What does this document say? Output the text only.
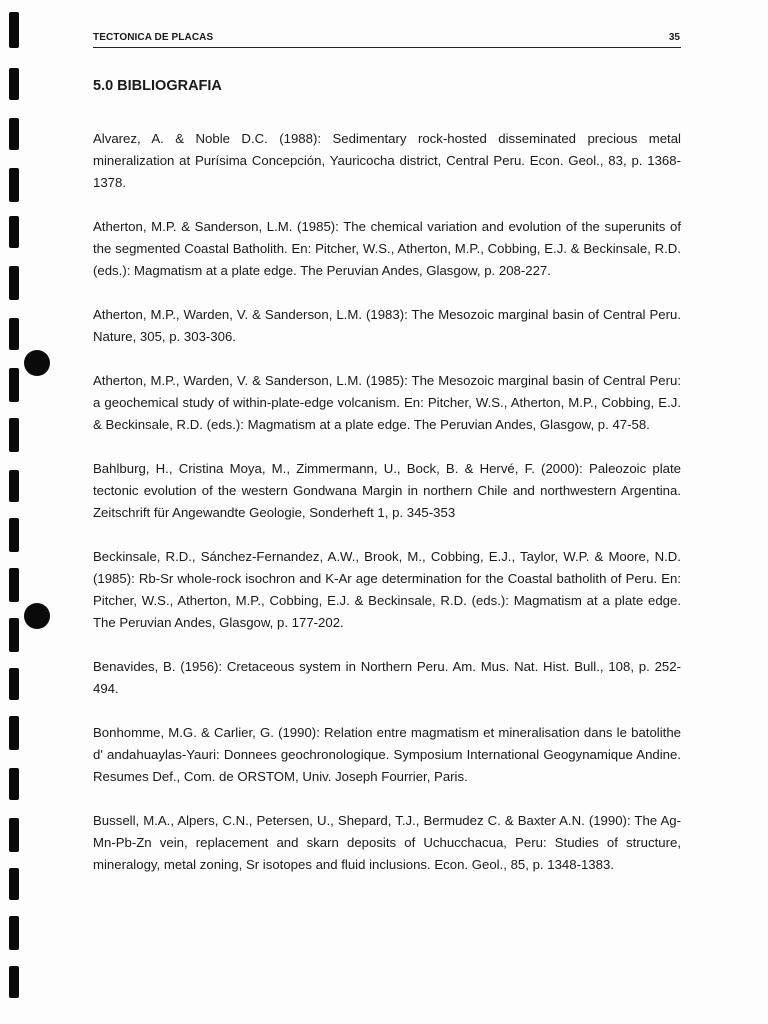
TECTONICA DE PLACAS	35
5.0 BIBLIOGRAFIA

Alvarez, A. & Noble D.C. (1988): Sedimentary rock-hosted disseminated precious metal mineralization at Purísima Concepción, Yauricocha district, Central Peru. Econ. Geol., 83, p. 1368-1378.

Atherton, M.P. & Sanderson, L.M. (1985): The chemical variation and evolution of the superunits of the segmented Coastal Batholith. En: Pitcher, W.S., Atherton, M.P., Cobbing, E.J. & Beckinsale, R.D. (eds.): Magmatism at a plate edge. The Peruvian Andes, Glasgow, p. 208-227.

Atherton, M.P., Warden, V. & Sanderson, L.M. (1983): The Mesozoic marginal basin of Central Peru. Nature, 305, p. 303-306.

Atherton, M.P., Warden, V. & Sanderson, L.M. (1985): The Mesozoic marginal basin of Central Peru: a geochemical study of within-plate-edge volcanism. En: Pitcher, W.S., Atherton, M.P., Cobbing, E.J. & Beckinsale, R.D. (eds.): Magmatism at a plate edge. The Peruvian Andes, Glasgow, p. 47-58.

Bahlburg, H., Cristina Moya, M., Zimmermann, U., Bock, B. & Hervé, F. (2000): Paleozoic plate tectonic evolution of the western Gondwana Margin in northern Chile and northwestern Argentina. Zeitschrift für Angewandte Geologie, Sonderheft 1, p. 345-353

Beckinsale, R.D., Sánchez-Fernandez, A.W., Brook, M., Cobbing, E.J., Taylor, W.P. & Moore, N.D. (1985): Rb-Sr whole-rock isochron and K-Ar age determination for the Coastal batholith of Peru. En: Pitcher, W.S., Atherton, M.P., Cobbing, E.J. & Beckinsale, R.D. (eds.): Magmatism at a plate edge. The Peruvian Andes, Glasgow, p. 177-202.

Benavides, B. (1956): Cretaceous system in Northern Peru. Am. Mus. Nat. Hist. Bull., 108, p. 252-494.

Bonhomme, M.G. & Carlier, G. (1990): Relation entre magmatism et mineralisation dans le batolithe d' andahuaylas-Yauri: Donnees geochronologique. Symposium International Geogynamique Andine. Resumes Def., Com. de ORSTOM, Univ. Joseph Fourrier, Paris.

Bussell, M.A., Alpers, C.N., Petersen, U., Shepard, T.J., Bermudez C. & Baxter A.N. (1990): The Ag-Mn-Pb-Zn vein, replacement and skarn deposits of Uchucchacua, Peru: Studies of structure, mineralogy, metal zoning, Sr isotopes and fluid inclusions. Econ. Geol., 85, p. 1348-1383.
